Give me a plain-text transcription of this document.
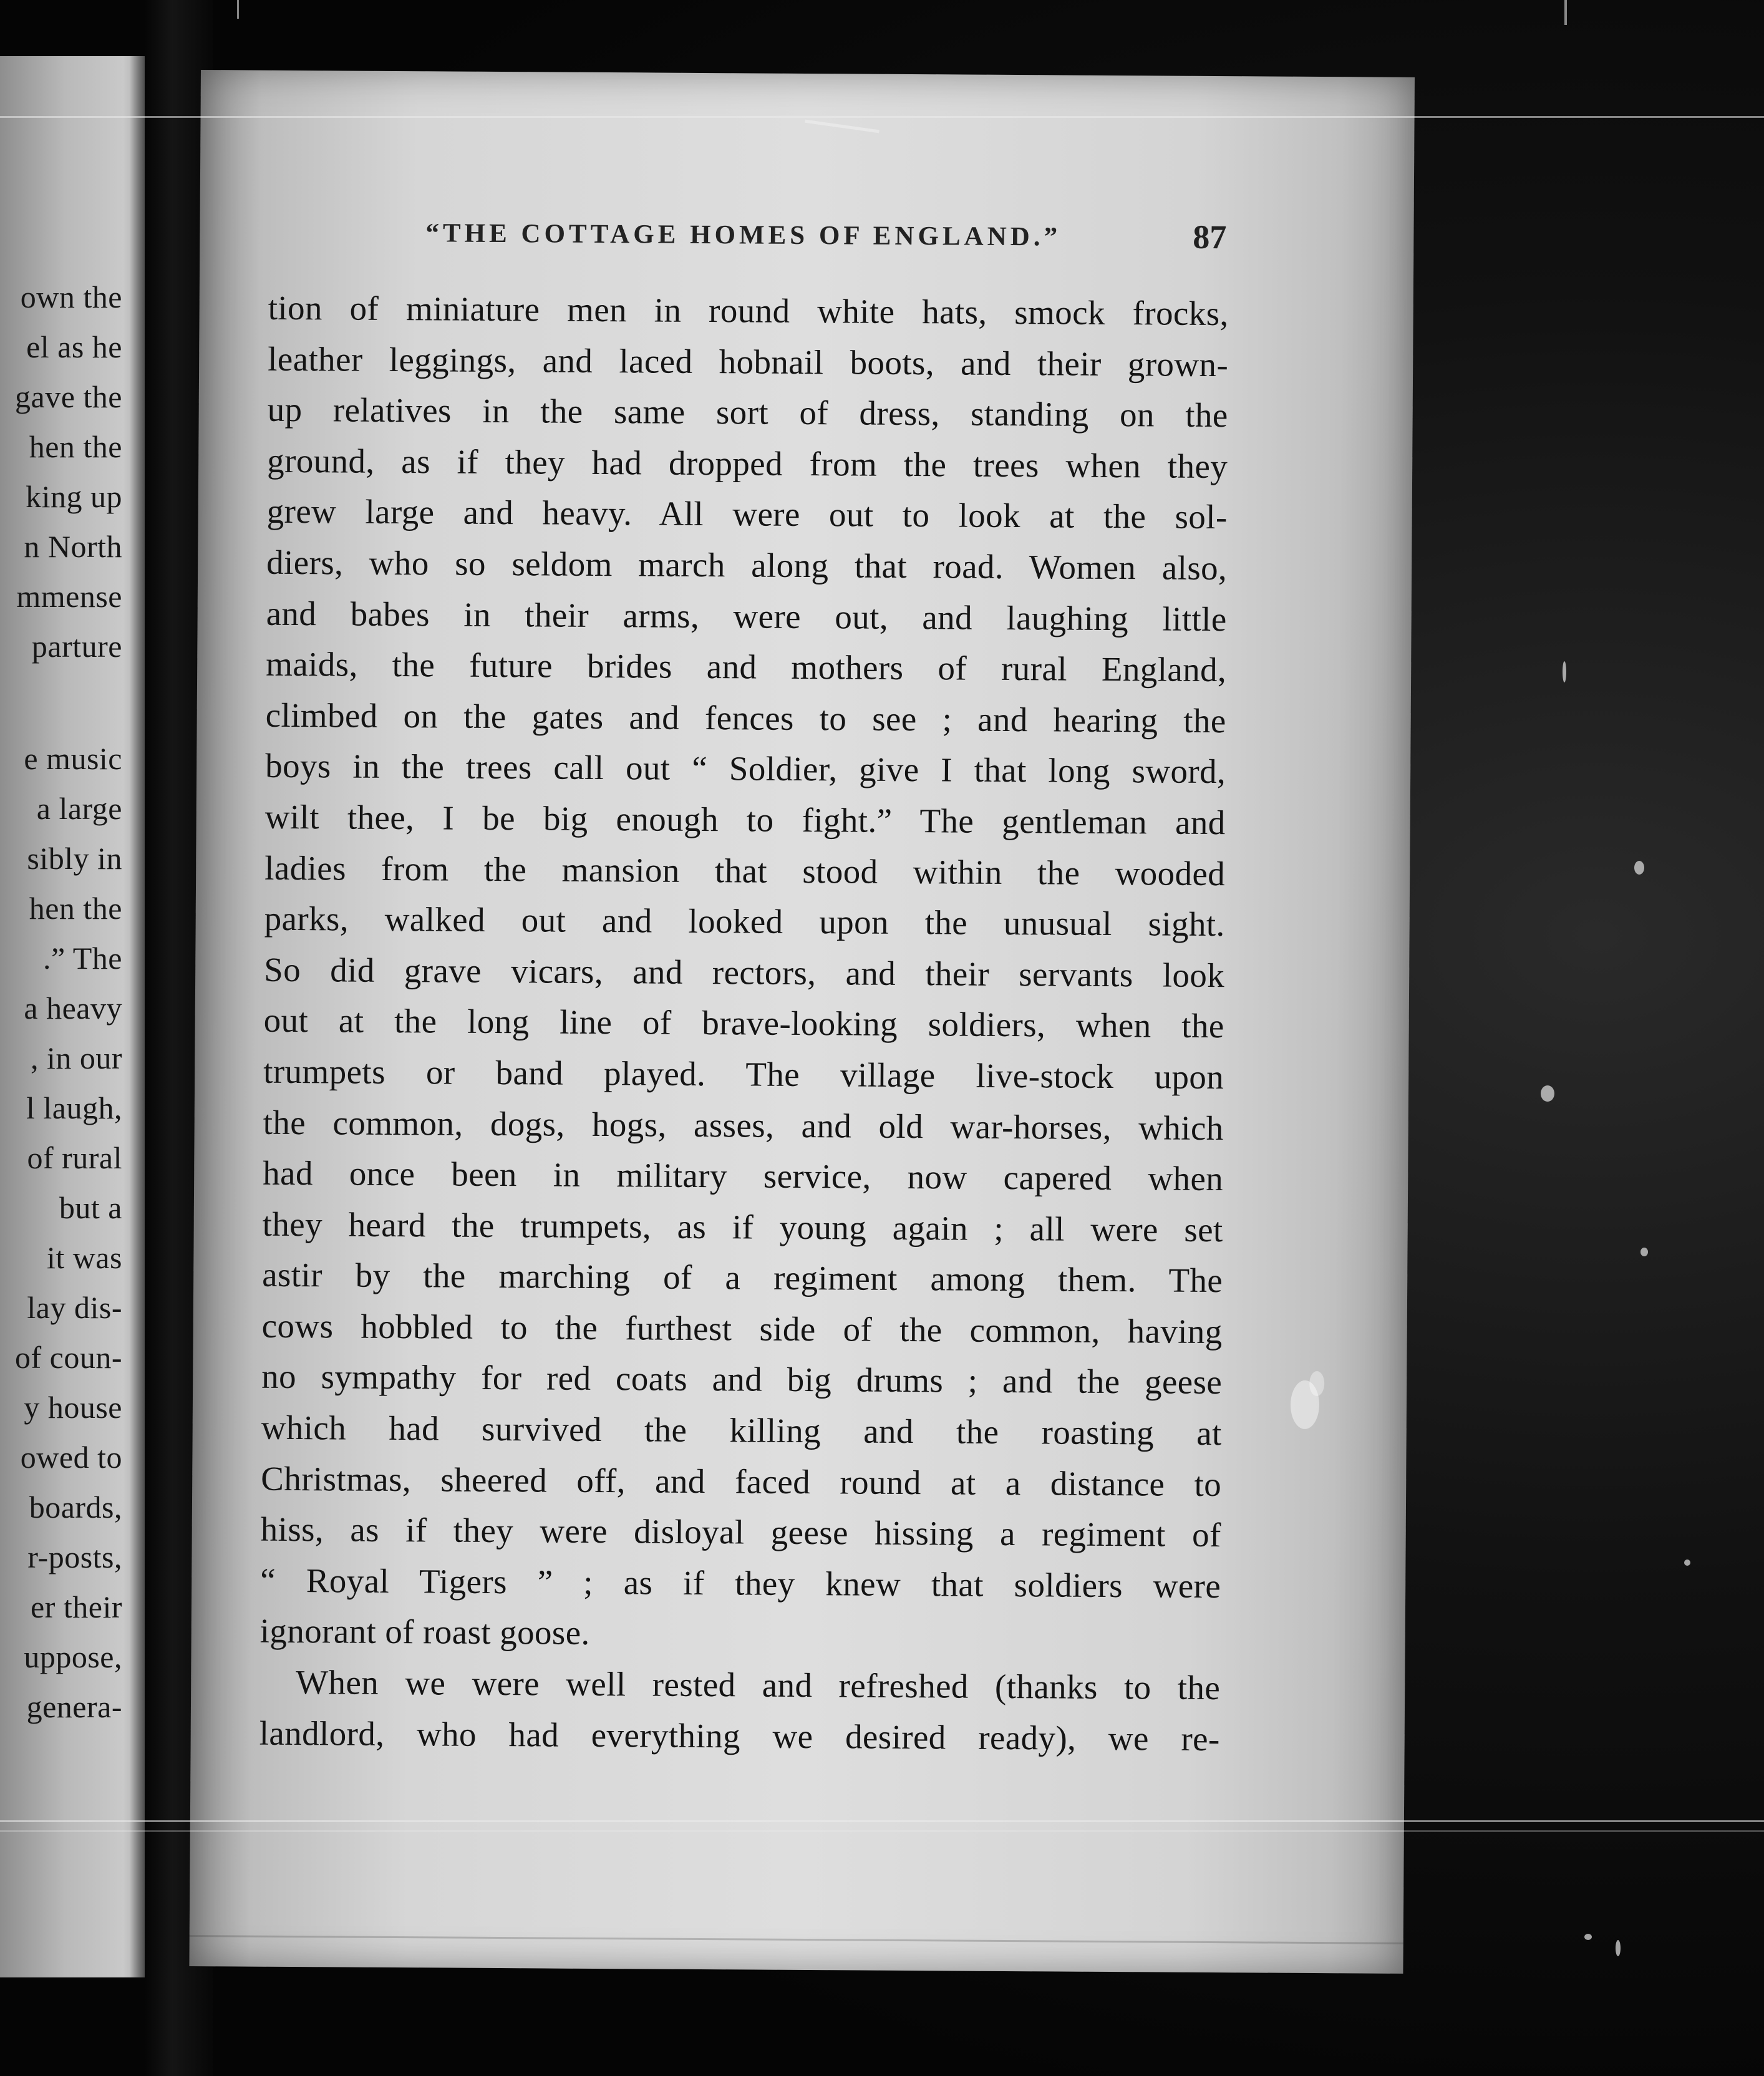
own the
el as he
gave the
hen the
king up
n North
mmense
parture
e music
a large
sibly in
hen the
.” The
a heavy
, in our
l laugh,
of rural
but a
it was
lay dis-
of coun-
y house
owed to
boards,
r-posts,
er their
uppose,
genera-
“THE COTTAGE HOMES OF ENGLAND.”	87
tion of miniature men in round white hats, smock frocks,
leather leggings, and laced hobnail boots, and their grown-
up relatives in the same sort of dress, standing on the
ground, as if they had dropped from the trees when they
grew large and heavy. All were out to look at the sol-
diers, who so seldom march along that road. Women also,
and babes in their arms, were out, and laughing little
maids, the future brides and mothers of rural England,
climbed on the gates and fences to see ; and hearing the
boys in the trees call out “ Soldier, give I that long sword,
wilt thee, I be big enough to fight.” The gentleman and
ladies from the mansion that stood within the wooded
parks, walked out and looked upon the unusual sight.
So did grave vicars, and rectors, and their servants look
out at the long line of brave-looking soldiers, when the
trumpets or band played. The village live-stock upon
the common, dogs, hogs, asses, and old war-horses, which
had once been in military service, now capered when
they heard the trumpets, as if young again ; all were set
astir by the marching of a regiment among them. The
cows hobbled to the furthest side of the common, having
no sympathy for red coats and big drums ; and the geese
which had survived the killing and the roasting at
Christmas, sheered off, and faced round at a distance to
hiss, as if they were disloyal geese hissing a regiment of
“ Royal Tigers ” ; as if they knew that soldiers were
ignorant of roast goose.
When we were well rested and refreshed (thanks to the
landlord, who had everything we desired ready), we re-
